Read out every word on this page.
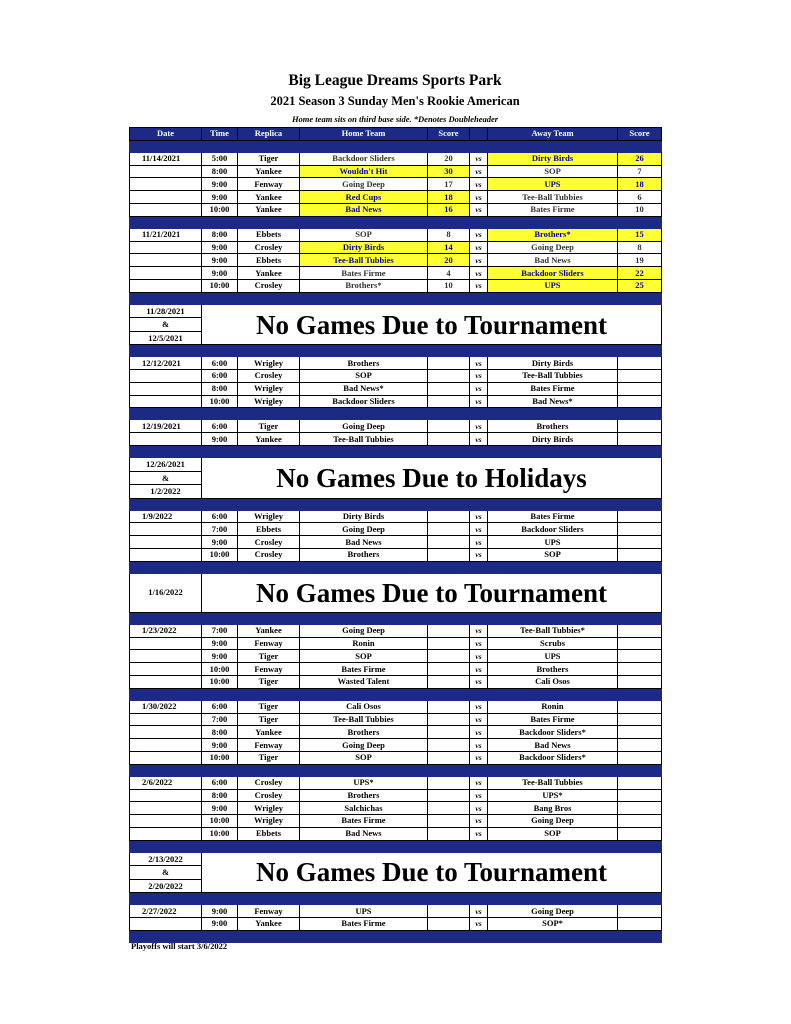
Big League Dreams Sports Park
2021 Season 3 Sunday Men's Rookie American
Home team sits on third base side. *Denotes Doubleheader
Date	Time	Replica	Home Team	Score		Away Team	Score

11/14/2021	5:00	Tiger	Backdoor Sliders	20	vs	Dirty Birds	26
	8:00	Yankee	Wouldn't Hit	30	vs	SOP	7
	9:00	Fenway	Going Deep	17	vs	UPS	18
	9:00	Yankee	Red Cups	18	vs	Tee-Ball Tubbies	6
	10:00	Yankee	Bad News	16	vs	Bates Firme	10

11/21/2021	8:00	Ebbets	SOP	8	vs	Brothers*	15
	9:00	Crosley	Dirty Birds	14	vs	Going Deep	8
	9:00	Ebbets	Tee-Ball Tubbies	20	vs	Bad News	19
	9:00	Yankee	Bates Firme	4	vs	Backdoor Sliders	22
	10:00	Crosley	Brothers*	10	vs	UPS	25

11/28/2021
&
12/5/2021	No Games Due to Tournament						

12/12/2021	6:00	Wrigley	Brothers		vs	Dirty Birds	
	6:00	Crosley	SOP		vs	Tee-Ball Tubbies	
	8:00	Wrigley	Bad News*		vs	Bates Firme	
	10:00	Wrigley	Backdoor Sliders		vs	Bad News*	

12/19/2021	6:00	Tiger	Going Deep		vs	Brothers	
	9:00	Yankee	Tee-Ball Tubbies		vs	Dirty Birds	

12/26/2021
&
1/2/2022	No Games Due to Holidays						

1/9/2022	6:00	Wrigley	Dirty Birds		vs	Bates Firme	
	7:00	Ebbets	Going Deep		vs	Backdoor Sliders	
	9:00	Crosley	Bad News		vs	UPS	
	10:00	Crosley	Brothers		vs	SOP	

1/16/2022	No Games Due to Tournament						

1/23/2022	7:00	Yankee	Going Deep		vs	Tee-Ball Tubbies*	
	9:00	Fenway	Ronin		vs	Scrubs	
	9:00	Tiger	SOP		vs	UPS	
	10:00	Fenway	Bates Firme		vs	Brothers	
	10:00	Tiger	Wasted Talent		vs	Cali Osos	

1/30/2022	6:00	Tiger	Cali Osos		vs	Ronin	
	7:00	Tiger	Tee-Ball Tubbies		vs	Bates Firme	
	8:00	Yankee	Brothers		vs	Backdoor Sliders*	
	9:00	Fenway	Going Deep		vs	Bad News	
	10:00	Tiger	SOP		vs	Backdoor Sliders*	

2/6/2022	6:00	Crosley	UPS*		vs	Tee-Ball Tubbies	
	8:00	Crosley	Brothers		vs	UPS*	
	9:00	Wrigley	Salchichas		vs	Bang Bros	
	10:00	Wrigley	Bates Firme		vs	Going Deep	
	10:00	Ebbets	Bad News		vs	SOP	

2/13/2022
&
2/20/2022	No Games Due to Tournament						

2/27/2022	9:00	Fenway	UPS		vs	Going Deep	
	9:00	Yankee	Bates Firme		vs	SOP*	

Playoffs will start 3/6/2022
